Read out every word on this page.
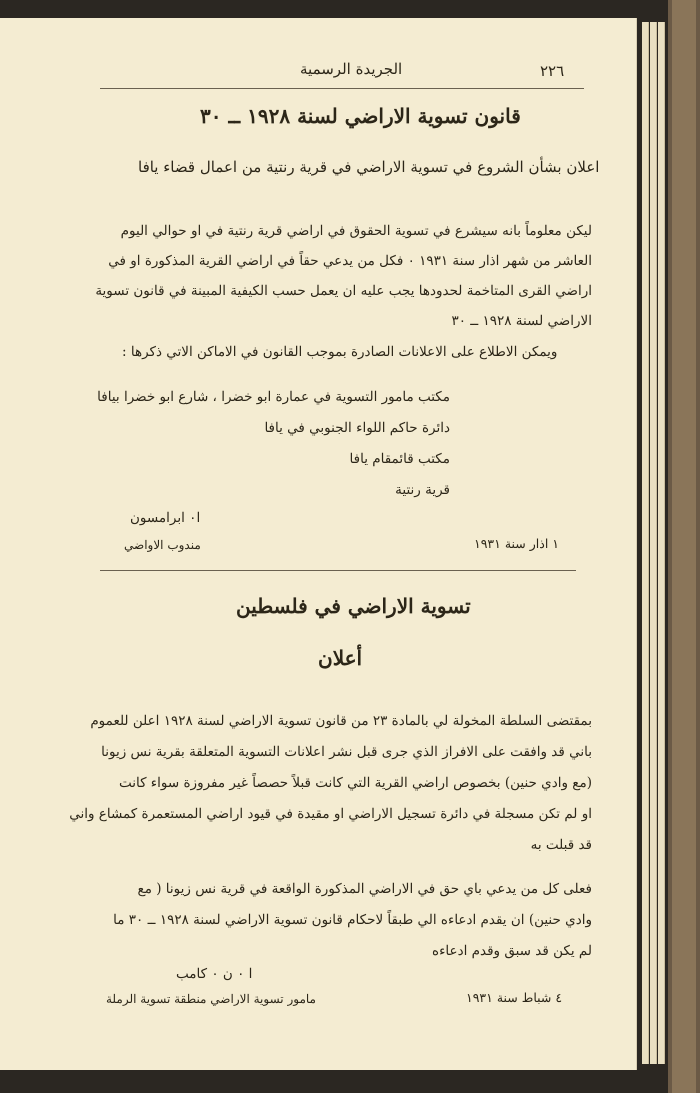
٢٢٦
الجريدة الرسمية
قانون تسوية الاراضي لسنة ١٩٢٨ ــ ٣٠
اعلان بشأن الشروع في تسوية الاراضي في قرية رنتية من اعمال قضاء يافا
ليكن معلوماً بانه سيشرع في تسوية الحقوق في اراضي قرية رنتية في او حوالي اليوم
العاشر من شهر اذار سنة ١٩٣١ ٠ فكل من يدعي حقاً في اراضي القرية المذكورة او في
اراضي القرى المتاخمة لحدودها يجب عليه ان يعمل حسب الكيفية المبينة في قانون تسوية
الاراضي لسنة ١٩٢٨ ــ ٣٠
ويمكن الاطلاع على الاعلانات الصادرة بموجب القانون في الاماكن الاتي ذكرها :
مكتب مامور التسوية في عمارة ابو خضرا ، شارع ابو خضرا بيافا
دائرة حاكم اللواء الجنوبي في يافا
مكتب قائمقام يافا
قرية رنتية
ا٠ ابرامسون
١ اذار سنة ١٩٣١
مندوب الاواضي
تسوية الاراضي في فلسطين
أعلان
بمقتضى السلطة المخولة لي بالمادة ٢٣ من قانون تسوية الاراضي لسنة ١٩٢٨ اعلن للعموم
باني قد وافقت على الافراز الذي جرى قبل نشر اعلانات التسوية المتعلقة بقرية نس زيونا
(مع وادي حنين) بخصوص اراضي القرية التي كانت قبلاً حصصاً غير مفروزة سواء كانت
او لم تكن مسجلة في دائرة تسجيل الاراضي او مقيدة في قيود اراضي المستعمرة كمشاع واني
قد قبلت به
فعلى كل من يدعي باي حق في الاراضي المذكورة الواقعة في قرية نس زيونا ( مع
وادي حنين) ان يقدم ادعاءه الي طبقاً لاحكام قانون تسوية الاراضي لسنة ١٩٢٨ ــ ٣٠ ما
لم يكن قد سبق وقدم ادعاءه
ا ٠ ن ٠ كامب
٤ شباط سنة ١٩٣١
مامور تسوية الاراضي منطقة تسوية الرملة
